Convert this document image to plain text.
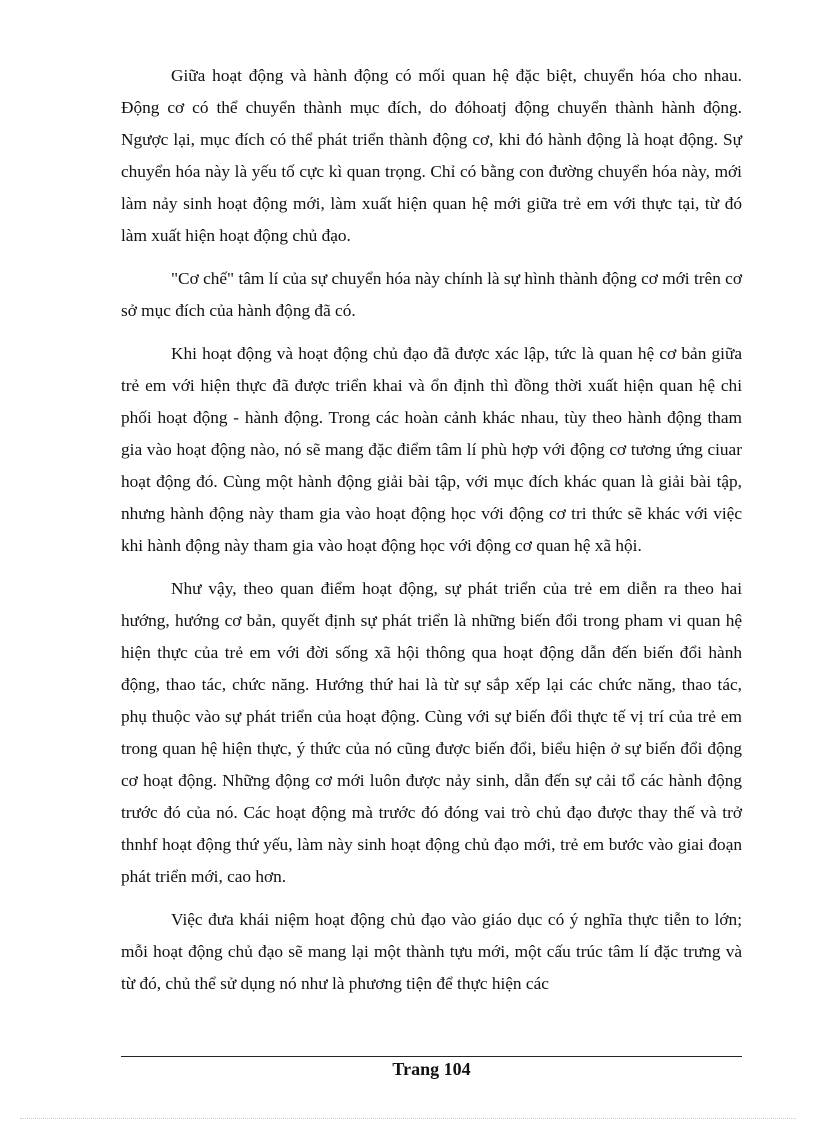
Giữa hoạt động và hành động có mối quan hệ đặc biệt, chuyển hóa cho nhau. Động cơ có thể chuyển thành mục đích, do đóhoatj động chuyển thành hành động. Ngược lại, mục đích có thể phát triển thành động cơ, khi đó hành động là hoạt động. Sự chuyển hóa này là yếu tố cực kì quan trọng. Chỉ có bằng con đường chuyển hóa này, mới làm nảy sinh hoạt động mới, làm xuất hiện quan hệ mới giữa trẻ em với thực tại, từ đó làm xuất hiện hoạt động chủ đạo.

"Cơ chế" tâm lí của sự chuyển hóa này chính là sự hình thành động cơ mới trên cơ sở mục đích của hành động đã có.

Khi hoạt động và hoạt động chủ đạo đã được xác lập, tức là quan hệ cơ bản giữa trẻ em với hiện thực đã được triển khai và ổn định thì đồng thời xuất hiện quan hệ chi phối hoạt động - hành động. Trong các hoàn cảnh khác nhau, tùy theo hành động tham gia vào hoạt động nào, nó sẽ mang đặc điểm tâm lí phù hợp với động cơ tương ứng ciuar hoạt động đó. Cùng một hành động giải bài tập, với mục đích khác quan là giải bài tập, nhưng hành động này tham gia vào hoạt động học với động cơ tri thức sẽ khác với việc khi hành động này tham gia vào hoạt động học với động cơ quan hệ xã hội.

Như vậy, theo quan điểm hoạt động, sự phát triển của trẻ em diễn ra theo hai hướng, hướng cơ bản, quyết định sự phát triển là những biến đổi trong pham vi quan hệ hiện thực của trẻ em với đời sống xã hội thông qua hoạt động dẫn đến biến đổi hành động, thao tác, chức năng. Hướng thứ hai là từ sự sắp xếp lại các chức năng, thao tác, phụ thuộc vào sự phát triển của hoạt động. Cùng với sự biến đổi thực tế vị trí của trẻ em trong quan hệ hiện thực, ý thức của nó cũng được biến đổi, biểu hiện ở sự biến đổi động cơ hoạt động. Những động cơ mới luôn được nảy sinh, dẫn đến sự cải tổ các hành động trước đó của nó. Các hoạt động mà trước đó đóng vai trò chủ đạo được thay thế và trở thnhf hoạt động thứ yếu, làm này sinh hoạt động chủ đạo mới, trẻ em bước vào giai đoạn phát triển mới, cao hơn.

Việc đưa khái niệm hoạt động chủ đạo vào giáo dục có ý nghĩa thực tiễn to lớn; mỗi hoạt động chủ đạo sẽ mang lại một thành tựu mới, một cấu trúc tâm lí đặc trưng và từ đó, chủ thể sử dụng nó như là phương tiện để thực hiện các

Trang 104
